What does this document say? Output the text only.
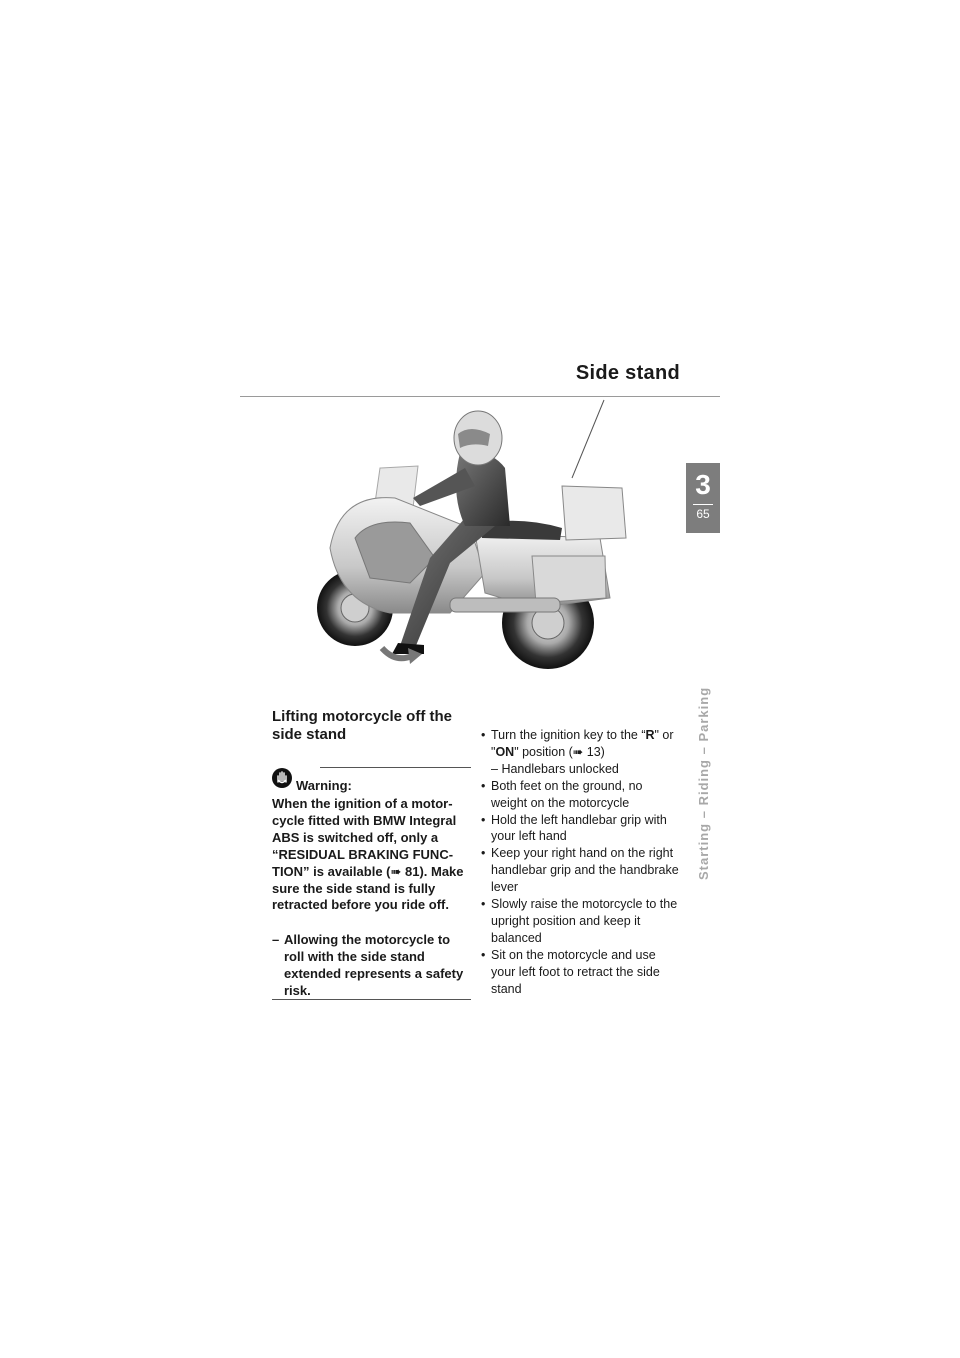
Side stand
3
65
Starting – Riding – Parking
Lifting motorcycle off the side stand
Warning:
When the ignition of a motor-cycle fitted with BMW Integral ABS is switched off, only a “RESIDUAL BRAKING FUNC-TION” is available (➠ 81). Make sure the side stand is fully retracted before you ride off.
– Allowing the motorcycle to roll with the side stand extended represents a safety risk.
• Turn the ignition key to the “R" or "ON" position (➠ 13)
– Handlebars unlocked
• Both feet on the ground, no weight on the motorcycle
• Hold the left handlebar grip with your left hand
• Keep your right hand on the right handlebar grip and the handbrake lever
• Slowly raise the motorcycle to the upright position and keep it balanced
• Sit on the motorcycle and use your left foot to retract the side stand
